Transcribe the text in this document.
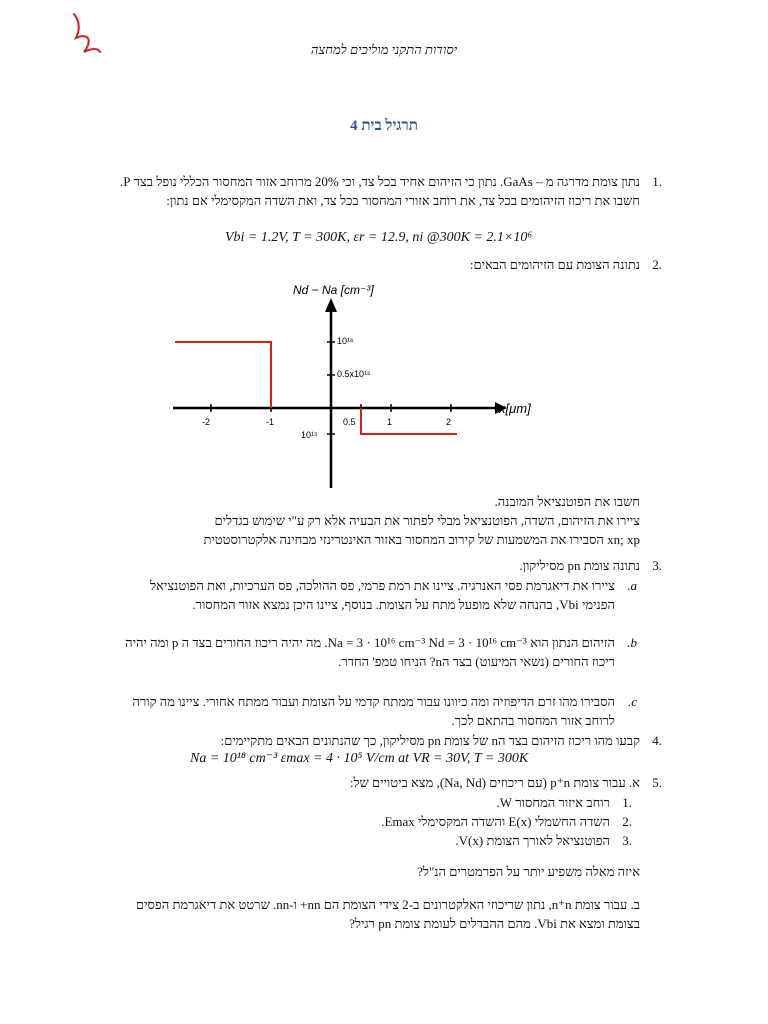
יסודות התקני מוליכים למחצה
תרגיל בית 4
.1
נתון צומת מדרגה מ – GaAs. נתון כי הזיהום אחיד בכל צד, וכי 20% מרוחב אזור המחסור הכללי נופל בצד P. חשבו את ריכוז הזיהומים בכל צד, את רוחב אזורי המחסור בכל צד, ואת השדה המקסימלי אם נתון:
Vbi = 1.2V, T = 300K, εr = 12.9, ni @300K = 2.1×10⁶
.2
נתונה הצומת עם הזיהומים הבאים:
Nd − Na [cm⁻³]
x[μm]
10¹⁶
0.5x10¹⁶
10¹⁵
-2	-1	0.5	1	2
חשבו את הפוטנציאל המובנה.
ציירו את הזיהום, השדה, הפוטנציאל מבלי לפתור את הבעיה אלא רק ע"י שימוש בגדלים
xn; xp הסבירו את המשמעות של קירוב המחסור באזור האינטרינזי מבחינה אלקטרוסטטית
.3
נתונה צומת pn מסיליקון.
a.
ציירו את דיאגרמת פסי האנרגיה. ציינו את רמת פרמי, פס ההולכה, פס הערכיות, ואת הפוטנציאל הפנימי Vbi, בהנחה שלא מופעל מתח על הצומת. בנוסף, ציינו היכן נמצא אזור המחסור.
b.
הזיהום הנתון הוא Na = 3 · 10¹⁶ cm⁻³ Nd = 3 · 10¹⁶ cm⁻³. מה יהיה ריכוז החורים בצד ה p ומה יהיה ריכוז החורים (נשאי המיעוט) בצד הn? הניחו טמפ' החדר.
c.
הסבירו מהו זרם הדיפוזיה ומה כיוונו עבור ממתח קדמי על הצומת ועבור ממתח אחורי. ציינו מה קורה לרוחב אזור המחסור בהתאם לכך.
.4
קבעו מהו ריכוז הזיהום בצד הn של צומת pn מסיליקון, כך שהנתונים הבאים מתקיימים:
Na = 10¹⁸ cm⁻³ εmax = 4 · 10⁵ V/cm at VR = 30V, T = 300K
.5
א. עבור צומת p⁺n (עם ריכוזים (Na, Nd), מצא ביטויים של:
.1
רוחב איזור המחסור W.
.2
השדה החשמלי E(x) והשדה המקסימלי Emax.
.3
הפוטנציאל לאורך הצומת V(x).
איזה מאלה משפיע יותר על הפרמטרים הנ"ל?
ב. עבור צומת n⁺n, נתון שריכוזי האלקטרונים ב-2 צידי הצומת הם nn+ ו-nn. שרטט את דיאגרמת הפסים בצומת ומצא את Vbi. מהם ההבדלים לעומת צומת pn רגיל?
